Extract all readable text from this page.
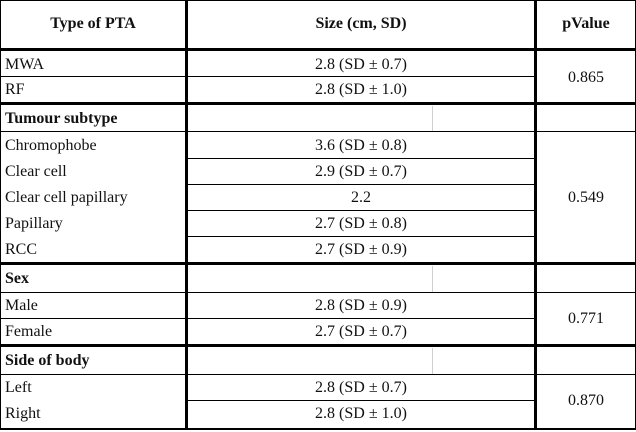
Type of PTA	Size (cm, SD)	pValue
MWA
RF
Tumour subtype
Chromophobe
Clear cell
Clear cell papillary
Papillary
RCC
Sex
Male
Female
Side of body
Left
Right
2.8 (SD ± 0.7)
2.8 (SD ± 1.0)
3.6 (SD ± 0.8)
2.9 (SD ± 0.7)
2.2
2.7 (SD ± 0.8)
2.7 (SD ± 0.9)
2.8 (SD ± 0.9)
2.7 (SD ± 0.7)
2.8 (SD ± 0.7)
2.8 (SD ± 1.0)
0.865
0.549
0.771
0.870
